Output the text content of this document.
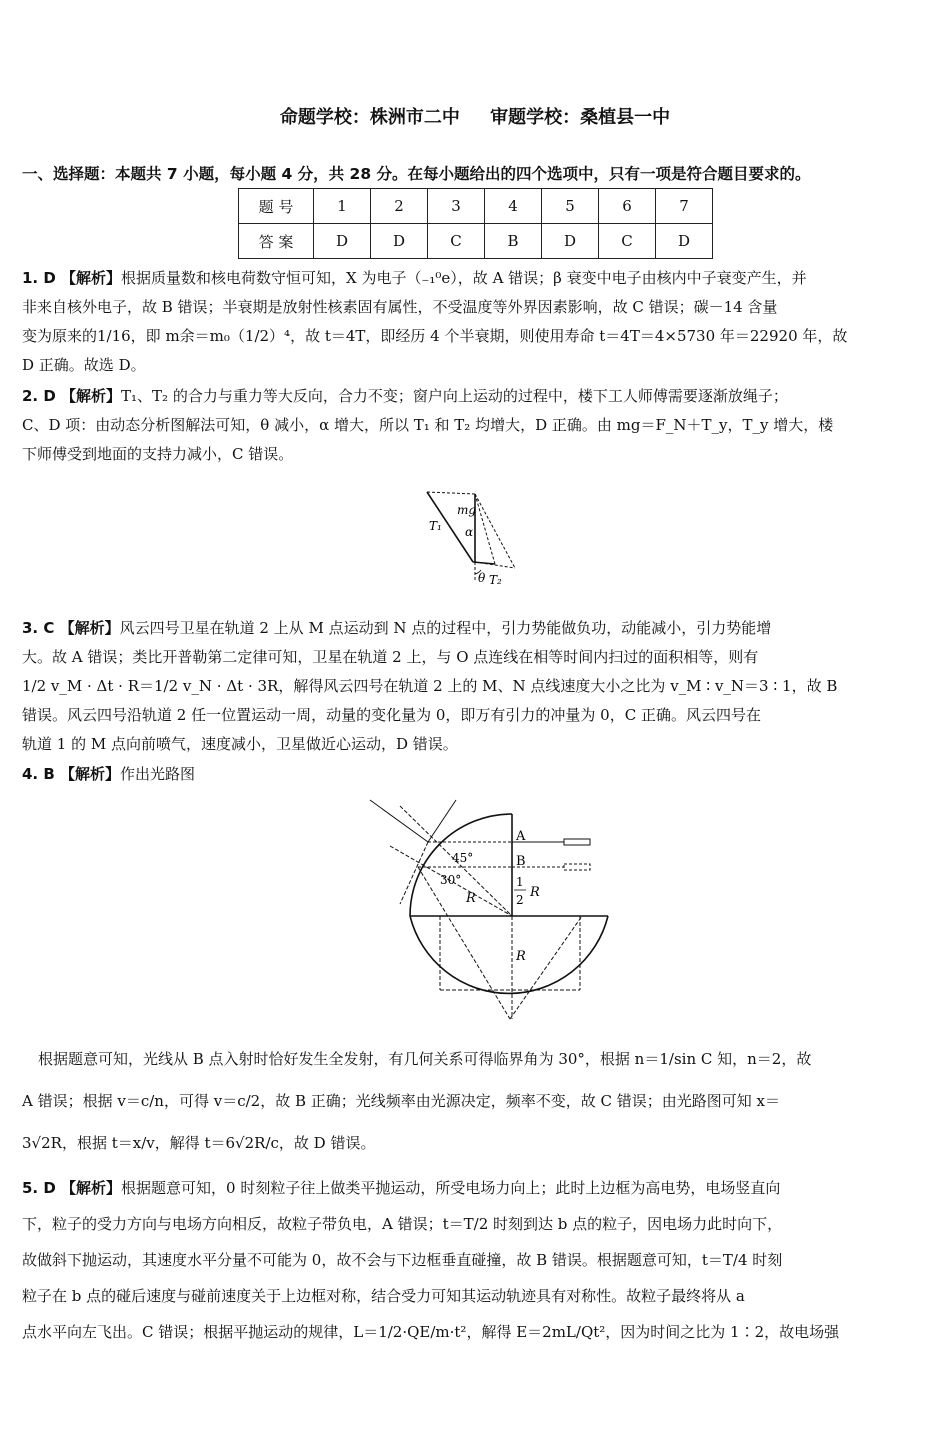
命题学校：株洲市二中 审题学校：桑植县一中
一、选择题：本题共 7 小题，每小题 4 分，共 28 分。在每小题给出的四个选项中，只有一项是符合题目要求的。
题 号	1	2	3	4	5	6	7
答 案	D	D	C	B	D	C	D
1. D 【解析】根据质量数和核电荷数守恒可知，X 为电子（₋₁⁰e），故 A 错误；β 衰变中电子由核内中子衰变产生，并
非来自核外电子，故 B 错误；半衰期是放射性核素固有属性，不受温度等外界因素影响，故 C 错误；碳－14 含量
变为原来的1/16，即 m余＝m₀（1/2）⁴，故 t＝4T，即经历 4 个半衰期，则使用寿命 t＝4T＝4×5730 年＝22920 年，故
D 正确。故选 D。
2. D 【解析】T₁、T₂ 的合力与重力等大反向，合力不变；窗户向上运动的过程中，楼下工人师傅需要逐渐放绳子；
C、D 项：由动态分析图解法可知，θ 减小，α 增大，所以 T₁ 和 T₂ 均增大，D 正确。由 mg＝F_N＋T_y，T_y 增大，楼
下师傅受到地面的支持力减小，C 错误。
mg
T₁ α
θ T₂
3. C 【解析】风云四号卫星在轨道 2 上从 M 点运动到 N 点的过程中，引力势能做负功，动能减小，引力势能增
大。故 A 错误；类比开普勒第二定律可知，卫星在轨道 2 上，与 O 点连线在相等时间内扫过的面积相等，则有
1/2 v_M · Δt · R＝1/2 v_N · Δt · 3R，解得风云四号在轨道 2 上的 M、N 点线速度大小之比为 v_M ∶ v_N＝3 ∶ 1，故 B
错误。风云四号沿轨道 2 任一位置运动一周，动量的变化量为 0，即万有引力的冲量为 0，C 正确。风云四号在
轨道 1 的 M 点向前喷气，速度减小，卫星做近心运动，D 错误。
4. B 【解析】作出光路图
A
B
45°
30°
R
1
2 R
R
根据题意可知，光线从 B 点入射时恰好发生全发射，有几何关系可得临界角为 30°，根据 n＝1/sin C 知，n＝2，故
A 错误；根据 v＝c/n，可得 v＝c/2，故 B 正确；光线频率由光源决定，频率不变，故 C 错误；由光路图可知 x＝
3√2R，根据 t＝x/v，解得 t＝6√2R/c，故 D 错误。
5. D 【解析】根据题意可知，0 时刻粒子往上做类平抛运动，所受电场力向上；此时上边框为高电势，电场竖直向
下，粒子的受力方向与电场方向相反，故粒子带负电，A 错误；t＝T/2 时刻到达 b 点的粒子，因电场力此时向下，
故做斜下抛运动，其速度水平分量不可能为 0，故不会与下边框垂直碰撞，故 B 错误。根据题意可知，t＝T/4 时刻
粒子在 b 点的碰后速度与碰前速度关于上边框对称，结合受力可知其运动轨迹具有对称性。故粒子最终将从 a
点水平向左飞出。C 错误；根据平抛运动的规律，L＝1/2·QE/m·t²，解得 E＝2mL/Qt²，因为时间之比为 1∶2，故电场强
